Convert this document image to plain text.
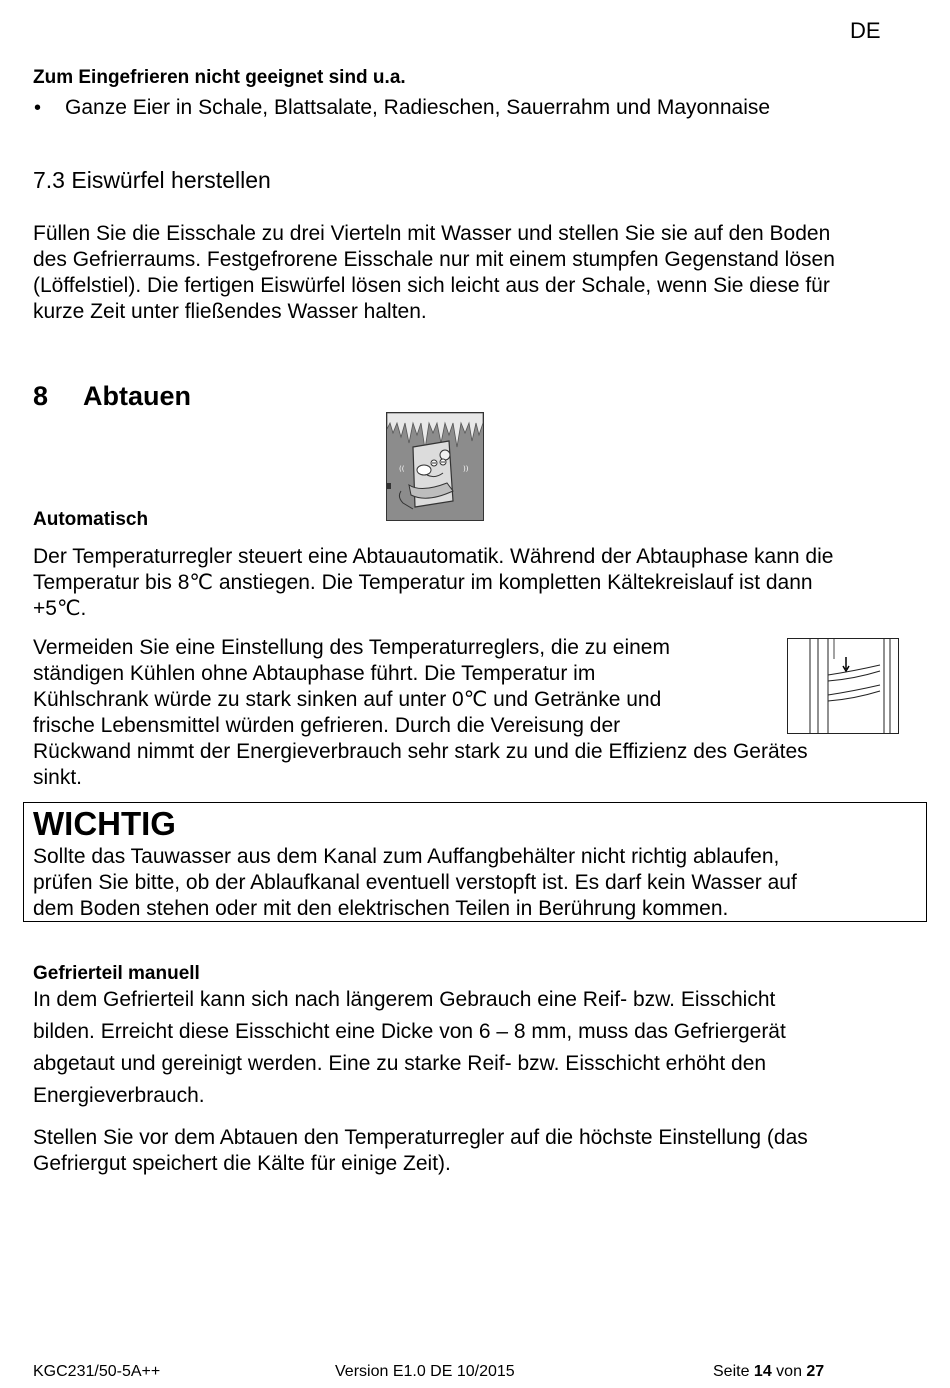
DE
Zum Eingefrieren nicht geeignet sind u.a.
• Ganze Eier in Schale, Blattsalate, Radieschen, Sauerrahm und Mayonnaise
7.3 Eiswürfel herstellen
Füllen Sie die Eisschale zu drei Vierteln mit Wasser und stellen Sie sie auf den Boden
des Gefrierraums. Festgefrorene Eisschale nur mit einem stumpfen Gegenstand lösen
(Löffelstiel). Die fertigen Eiswürfel lösen sich leicht aus der Schale, wenn Sie diese für
kurze Zeit unter fließendes Wasser halten.
8 Abtauen
((	))
Automatisch
Der Temperaturregler steuert eine Abtauautomatik. Während der Abtauphase kann die
Temperatur bis 8℃ anstiegen. Die Temperatur im kompletten Kältekreislauf ist dann
+5℃.
Vermeiden Sie eine Einstellung des Temperaturreglers, die zu einem
ständigen Kühlen ohne Abtauphase führt. Die Temperatur im
Kühlschrank würde zu stark sinken auf unter 0℃ und Getränke und
frische Lebensmittel würden gefrieren. Durch die Vereisung der
Rückwand nimmt der Energieverbrauch sehr stark zu und die Effizienz des Gerätes
sinkt.
WICHTIG
Sollte das Tauwasser aus dem Kanal zum Auffangbehälter nicht richtig ablaufen,
prüfen Sie bitte, ob der Ablaufkanal eventuell verstopft ist. Es darf kein Wasser auf
dem Boden stehen oder mit den elektrischen Teilen in Berührung kommen.
Gefrierteil manuell
In dem Gefrierteil kann sich nach längerem Gebrauch eine Reif- bzw. Eisschicht
bilden. Erreicht diese Eisschicht eine Dicke von 6 – 8 mm, muss das Gefriergerät
abgetaut und gereinigt werden. Eine zu starke Reif- bzw. Eisschicht erhöht den
Energieverbrauch.
Stellen Sie vor dem Abtauen den Temperaturregler auf die höchste Einstellung (das
Gefriergut speichert die Kälte für einige Zeit).
KGC231/50-5A++	Version E1.0 DE 10/2015	Seite 14 von 27
